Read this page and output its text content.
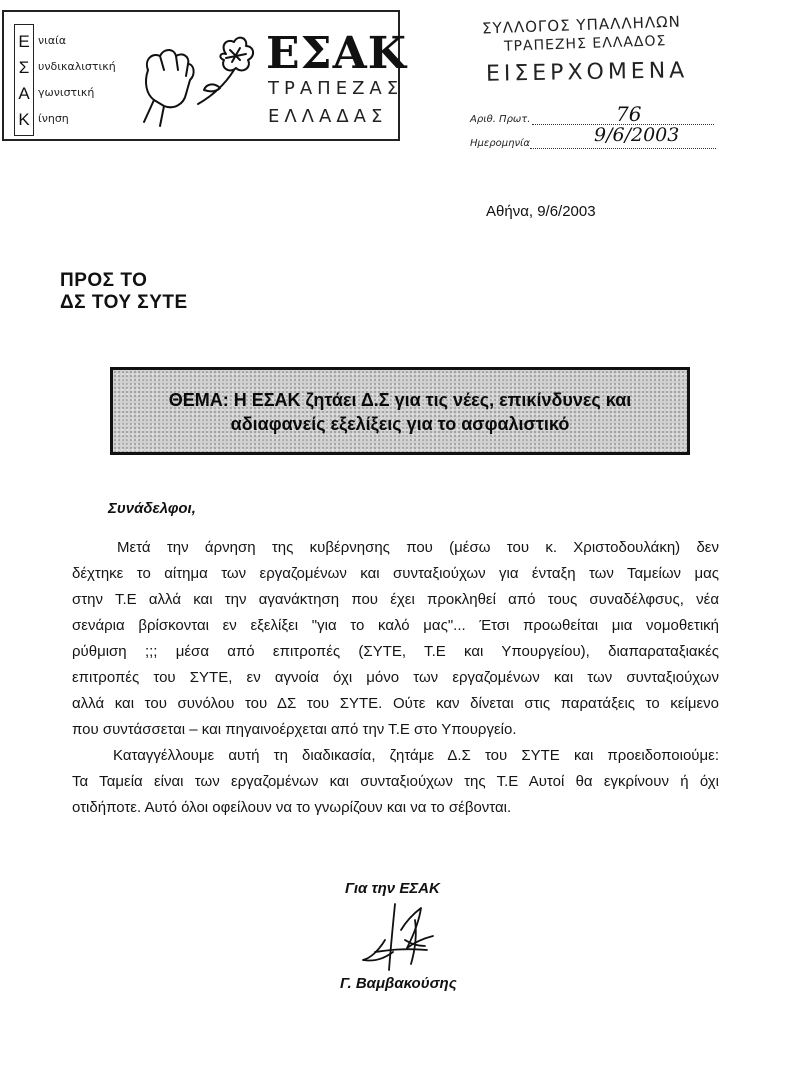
Ε
Σ
Α
Κ
νιαία
υνδικαλιστική
γωνιστική
ίνηση
ΕΣΑΚ
ΤΡΑΠΕΖΑΣ
ΕΛΛΑΔΑΣ
ΣΥΛΛΟΓΟΣ ΥΠΑΛΛΗΛΩΝ
ΤΡΑΠΕΖΗΣ ΕΛΛΑΔΟΣ
ΕΙΣΕΡΧΟΜΕΝΑ
Αριθ. Πρωτ.	76
Ημερομηνία	9/6/2003
Αθήνα, 9/6/2003
ΠΡΟΣ ΤΟ
ΔΣ ΤΟΥ ΣΥΤΕ
ΘΕΜΑ: Η ΕΣΑΚ ζητάει Δ.Σ για τις νέες, επικίνδυνες και
αδιαφανείς εξελίξεις για το ασφαλιστικό
Συνάδελφοι,
Μετά την άρνηση της κυβέρνησης που (μέσω του κ. Χριστοδουλάκη) δεν
δέχτηκε το αίτημα των εργαζομένων και συνταξιούχων για ένταξη των Ταμείων μας
στην Τ.Ε αλλά και την αγανάκτηση που έχει προκληθεί από τους συναδέλφσυς, νέα
σενάρια βρίσκονται εν εξελίξει "για το καλό μας"... Έτσι προωθείται μια νομοθετική
ρύθμιση ;;; μέσα από επιτροπές (ΣΥΤΕ, Τ.Ε και Υπουργείου), διαπαραταξιακές
επιτροπές του ΣΥΤΕ, εν αγνοία όχι μόνο των εργαζομένων και των συνταξιούχων
αλλά και του συνόλου του ΔΣ του ΣΥΤΕ. Ούτε καν δίνεται στις παρατάξεις το κείμενο
που συντάσσεται – και πηγαινοέρχεται από την Τ.Ε στο Υπουργείο.
Καταγγέλλουμε αυτή τη διαδικασία, ζητάμε Δ.Σ του ΣΥΤΕ και προειδοποιούμε:
Τα Ταμεία είναι των εργαζομένων και συνταξιούχων της Τ.Ε Αυτοί θα εγκρίνουν ή όχι
οτιδήποτε. Αυτό όλοι οφείλουν να το γνωρίζουν και να το σέβονται.
Για την ΕΣΑΚ
Γ. Βαμβακούσης
